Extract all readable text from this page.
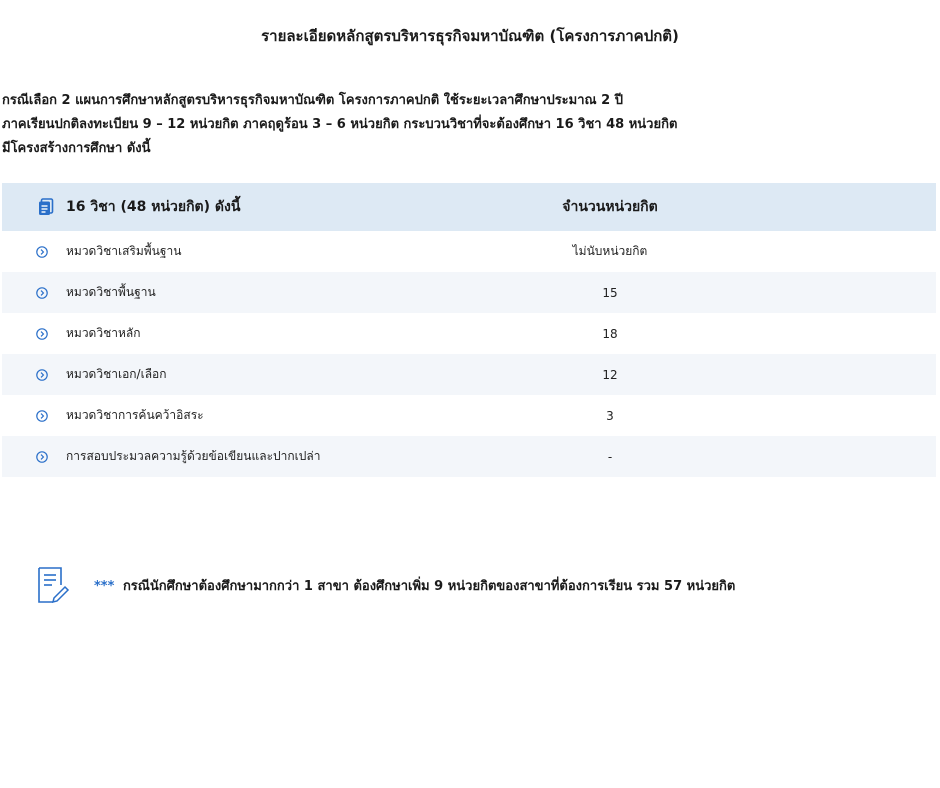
รายละเอียดหลักสูตรบริหารธุรกิจมหาบัณฑิต (โครงการภาคปกติ)
กรณีเลือก 2 แผนการศึกษาหลักสูตรบริหารธุรกิจมหาบัณฑิต โครงการภาคปกติ ใช้ระยะเวลาศึกษาประมาณ 2 ปี
ภาคเรียนปกติลงทะเบียน 9 – 12 หน่วยกิต ภาคฤดูร้อน 3 – 6 หน่วยกิต กระบวนวิชาที่จะต้องศึกษา 16 วิชา 48 หน่วยกิต
มีโครงสร้างการศึกษา ดังนี้
16 วิชา (48 หน่วยกิต) ดังนี้	จำนวนหน่วยกิต
หมวดวิชาเสริมพื้นฐาน	ไม่นับหน่วยกิต
หมวดวิชาพื้นฐาน	15
หมวดวิชาหลัก	18
หมวดวิชาเอก/เลือก	12
หมวดวิชาการค้นคว้าอิสระ	3
การสอบประมวลความรู้ด้วยข้อเขียนและปากเปล่า	-
*** กรณีนักศึกษาต้องศึกษามากกว่า 1 สาขา ต้องศึกษาเพิ่ม 9 หน่วยกิตของสาขาที่ต้องการเรียน รวม 57 หน่วยกิต
